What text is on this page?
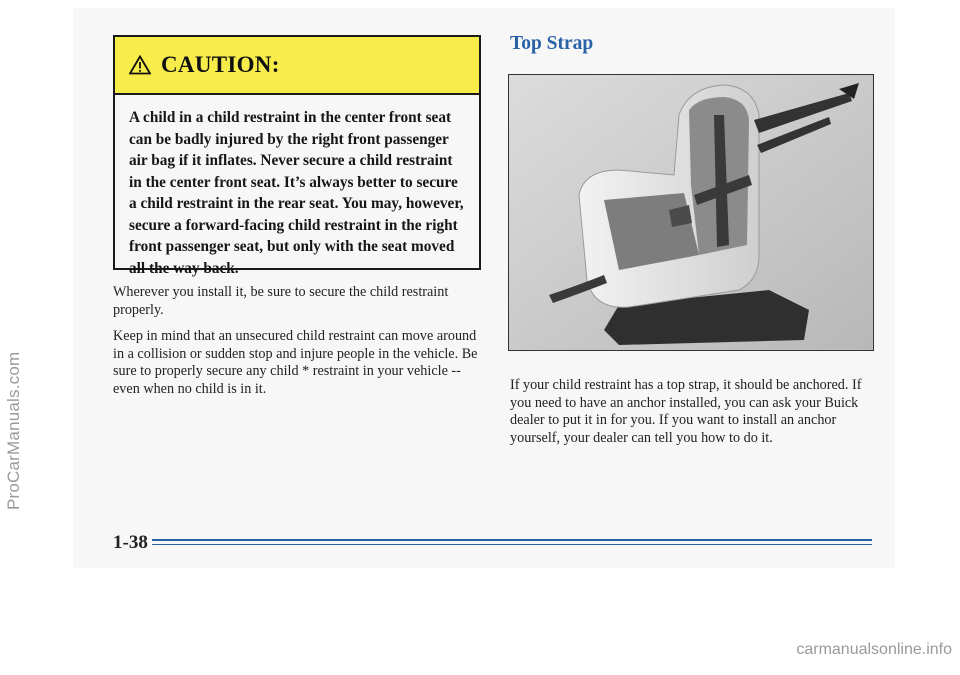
ProCarManuals.com
CAUTION:
A child in a child restraint in the center front seat can be badly injured by the right front passenger air bag if it inflates. Never secure a child restraint in the center front seat. It’s always better to secure a child restraint in the rear seat. You may, however, secure a forward-facing child restraint in the right front passenger seat, but only with the seat moved all the way back.
Wherever you install it, be sure to secure the child restraint properly.
Keep in mind that an unsecured child restraint can move around in a collision or sudden stop and injure people in the vehicle. Be sure to properly secure any child * restraint in your vehicle -- even when no child is in it.
Top Strap
If your child restraint has a top strap, it should be anchored. If you need to have an anchor installed, you can ask your Buick dealer to put it in for you. If you want to install an anchor yourself, your dealer can tell you how to do it.
1-38
carmanualsonline.info
